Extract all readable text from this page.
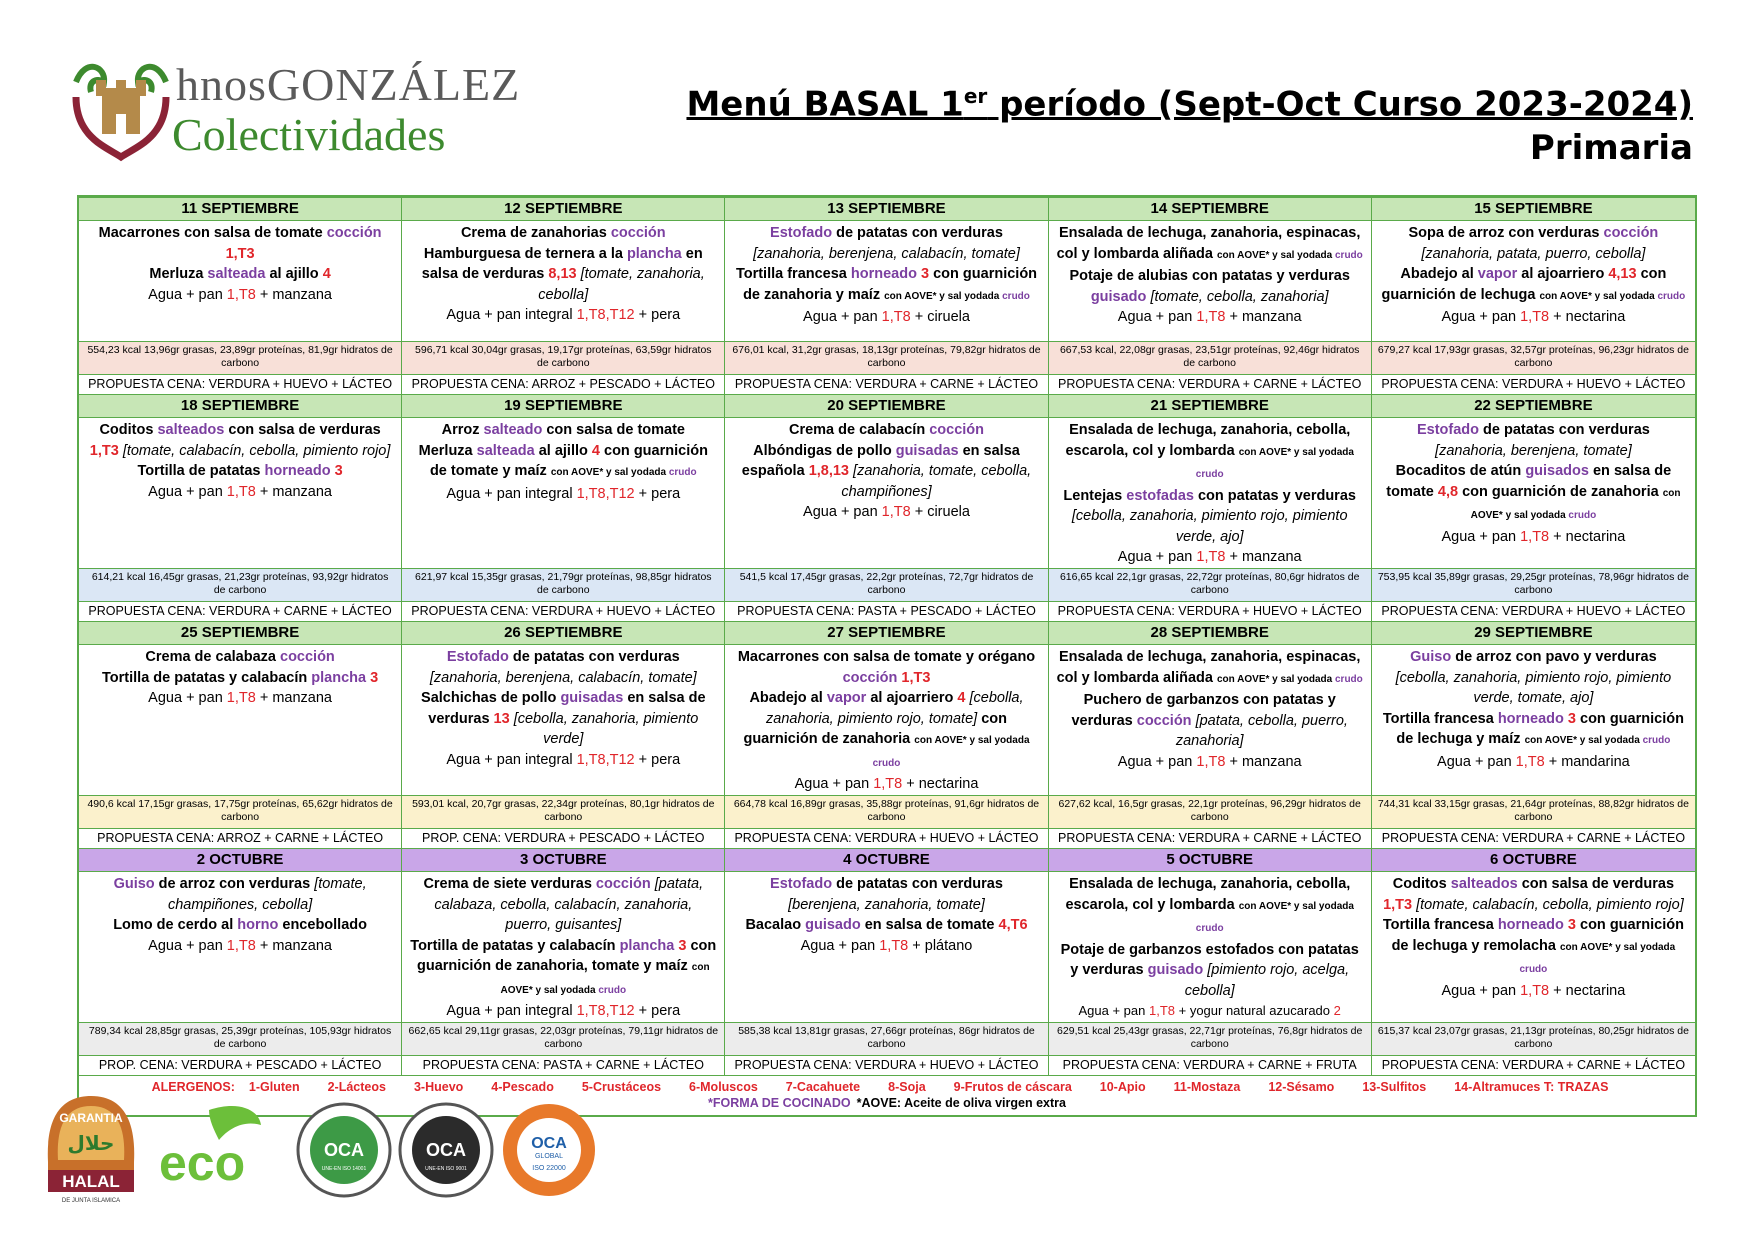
hnosGONZÁLEZ
Colectividades
Menú BASAL 1er período (Sept-Oct Curso 2023-2024)
Primaria
11 SEPTIEMBRE
Macarrones con salsa de tomate cocción 1,T3
Merluza salteada al ajillo 4
Agua + pan 1,T8 + manzana
554,23 kcal 13,96gr grasas, 23,89gr proteínas, 81,9gr hidratos de carbono
PROPUESTA CENA: VERDURA + HUEVO + LÁCTEO
12 SEPTIEMBRE
Crema de zanahorias cocción
Hamburguesa de ternera a la plancha en salsa de verduras 8,13 [tomate, zanahoria, cebolla]
Agua + pan integral 1,T8,T12 + pera
596,71 kcal 30,04gr grasas, 19,17gr proteínas, 63,59gr hidratos de carbono
PROPUESTA CENA: ARROZ + PESCADO + LÁCTEO
13 SEPTIEMBRE
Estofado de patatas con verduras
[zanahoria, berenjena, calabacín, tomate]
Tortilla francesa horneado 3 con guarnición de zanahoria y maíz con AOVE* y sal yodada crudo
Agua + pan 1,T8 + ciruela
676,01 kcal, 31,2gr grasas, 18,13gr proteínas, 79,82gr hidratos de carbono
PROPUESTA CENA: VERDURA + CARNE + LÁCTEO
14 SEPTIEMBRE
Ensalada de lechuga, zanahoria, espinacas, col y lombarda aliñada con AOVE* y sal yodada crudo
Potaje de alubias con patatas y verduras guisado [tomate, cebolla, zanahoria]
Agua + pan 1,T8 + manzana
667,53 kcal, 22,08gr grasas, 23,51gr proteínas, 92,46gr hidratos de carbono
PROPUESTA CENA: VERDURA + CARNE + LÁCTEO
15 SEPTIEMBRE
Sopa de arroz con verduras cocción
[zanahoria, patata, puerro, cebolla]
Abadejo al vapor al ajoarriero 4,13 con guarnición de lechuga con AOVE* y sal yodada crudo Agua + pan 1,T8 + nectarina
679,27 kcal 17,93gr grasas, 32,57gr proteínas, 96,23gr hidratos de carbono
PROPUESTA CENA: VERDURA + HUEVO + LÁCTEO
18 SEPTIEMBRE
Coditos salteados con salsa de verduras 1,T3 [tomate, calabacín, cebolla, pimiento rojo]
Tortilla de patatas horneado 3
Agua + pan 1,T8 + manzana
614,21 kcal 16,45gr grasas, 21,23gr proteínas, 93,92gr hidratos de carbono
PROPUESTA CENA: VERDURA + CARNE + LÁCTEO
19 SEPTIEMBRE
Arroz salteado con salsa de tomate
Merluza salteada al ajillo 4 con guarnición de tomate y maíz con AOVE* y sal yodada crudo
Agua + pan integral 1,T8,T12 + pera
621,97 kcal 15,35gr grasas, 21,79gr proteínas, 98,85gr hidratos de carbono
PROPUESTA CENA: VERDURA + HUEVO + LÁCTEO
20 SEPTIEMBRE
Crema de calabacín cocción
Albóndigas de pollo guisadas en salsa española 1,8,13 [zanahoria, tomate, cebolla, champiñones]
Agua + pan 1,T8 + ciruela
541,5 kcal 17,45gr grasas, 22,2gr proteínas, 72,7gr hidratos de carbono
PROPUESTA CENA: PASTA + PESCADO + LÁCTEO
21 SEPTIEMBRE
Ensalada de lechuga, zanahoria, cebolla, escarola, col y lombarda con AOVE* y sal yodada crudo
Lentejas estofadas con patatas y verduras [cebolla, zanahoria, pimiento rojo, pimiento verde, ajo]
Agua + pan 1,T8 + manzana
616,65 kcal 22,1gr grasas, 22,72gr proteínas, 80,6gr hidratos de carbono
PROPUESTA CENA: VERDURA + HUEVO + LÁCTEO
22 SEPTIEMBRE
Estofado de patatas con verduras
[zanahoria, berenjena, tomate]
Bocaditos de atún guisados en salsa de tomate 4,8 con guarnición de zanahoria con AOVE* y sal yodada crudo
Agua + pan 1,T8 + nectarina
753,95 kcal 35,89gr grasas, 29,25gr proteínas, 78,96gr hidratos de carbono
PROPUESTA CENA: VERDURA + HUEVO + LÁCTEO
25 SEPTIEMBRE
Crema de calabaza cocción
Tortilla de patatas y calabacín plancha 3
Agua + pan 1,T8 + manzana
490,6 kcal 17,15gr grasas, 17,75gr proteínas, 65,62gr hidratos de carbono
PROPUESTA CENA: ARROZ + CARNE + LÁCTEO
26 SEPTIEMBRE
Estofado de patatas con verduras
[zanahoria, berenjena, calabacín, tomate]
Salchichas de pollo guisadas en salsa de verduras 13 [cebolla, zanahoria, pimiento verde]
Agua + pan integral 1,T8,T12 + pera
593,01 kcal, 20,7gr grasas, 22,34gr proteínas, 80,1gr hidratos de carbono
PROP. CENA: VERDURA + PESCADO + LÁCTEO
27 SEPTIEMBRE
Macarrones con salsa de tomate y orégano cocción 1,T3
Abadejo al vapor al ajoarriero 4 [cebolla, zanahoria, pimiento rojo, tomate] con guarnición de zanahoria con AOVE* y sal yodada crudo
Agua + pan 1,T8 + nectarina
664,78 kcal 16,89gr grasas, 35,88gr proteínas, 91,6gr hidratos de carbono
PROPUESTA CENA: VERDURA + HUEVO + LÁCTEO
28 SEPTIEMBRE
Ensalada de lechuga, zanahoria, espinacas, col y lombarda aliñada con AOVE* y sal yodada crudo
Puchero de garbanzos con patatas y verduras cocción [patata, cebolla, puerro, zanahoria]
Agua + pan 1,T8 + manzana
627,62 kcal, 16,5gr grasas, 22,1gr proteínas, 96,29gr hidratos de carbono
PROPUESTA CENA: VERDURA + CARNE + LÁCTEO
29 SEPTIEMBRE
Guiso de arroz con pavo y verduras
[cebolla, zanahoria, pimiento rojo, pimiento verde, tomate, ajo]
Tortilla francesa horneado 3 con guarnición de lechuga y maíz con AOVE* y sal yodada crudo
Agua + pan 1,T8 + mandarina
744,31 kcal 33,15gr grasas, 21,64gr proteínas, 88,82gr hidratos de carbono
PROPUESTA CENA: VERDURA + CARNE + LÁCTEO
2 OCTUBRE
Guiso de arroz con verduras [tomate, champiñones, cebolla]
Lomo de cerdo al horno encebollado
Agua + pan 1,T8 + manzana
789,34 kcal 28,85gr grasas, 25,39gr proteínas, 105,93gr hidratos de carbono
PROP. CENA: VERDURA + PESCADO + LÁCTEO
3 OCTUBRE
Crema de siete verduras cocción [patata, calabaza, cebolla, calabacín, zanahoria, puerro, guisantes]
Tortilla de patatas y calabacín plancha 3 con guarnición de zanahoria, tomate y maíz con AOVE* y sal yodada crudo
Agua + pan integral 1,T8,T12 + pera
662,65 kcal 29,11gr grasas, 22,03gr proteínas, 79,11gr hidratos de carbono
PROPUESTA CENA: PASTA + CARNE + LÁCTEO
4 OCTUBRE
Estofado de patatas con verduras
[berenjena, zanahoria, tomate]
Bacalao guisado en salsa de tomate 4,T6
Agua + pan 1,T8 + plátano
585,38 kcal 13,81gr grasas, 27,66gr proteínas, 86gr hidratos de carbono
PROPUESTA CENA: VERDURA + HUEVO + LÁCTEO
5 OCTUBRE
Ensalada de lechuga, zanahoria, cebolla, escarola, col y lombarda con AOVE* y sal yodada crudo
Potaje de garbanzos estofados con patatas y verduras guisado [pimiento rojo, acelga, cebolla]
Agua + pan 1,T8 + yogur natural azucarado 2
629,51 kcal 25,43gr grasas, 22,71gr proteínas, 76,8gr hidratos de carbono
PROPUESTA CENA: VERDURA + CARNE + FRUTA
6 OCTUBRE
Coditos salteados con salsa de verduras 1,T3 [tomate, calabacín, cebolla, pimiento rojo]
Tortilla francesa horneado 3 con guarnición de lechuga y remolacha con AOVE* y sal yodada crudo
Agua + pan 1,T8 + nectarina
615,37 kcal 23,07gr grasas, 21,13gr proteínas, 80,25gr hidratos de carbono
PROPUESTA CENA: VERDURA + CARNE + LÁCTEO
ALERGENOS: 1-Gluten 2-Lácteos 3-Huevo 4-Pescado 5-Crustáceos 6-Moluscos 7-Cacahuete 8-Soja 9-Frutos de cáscara 10-Apio 11-Mostaza 12-Sésamo 13-Sulfitos 14-Altramuces T: TRAZAS
*FORMA DE COCINADO *AOVE: Aceite de oliva virgen extra
GARANTIA
حلال
HALAL
DE JUNTA ISLAMICA
eco	OCA
UNE-EN ISO 14001
OCA
UNE-EN ISO 9001
OCA
GLOBAL
ISO 22000
